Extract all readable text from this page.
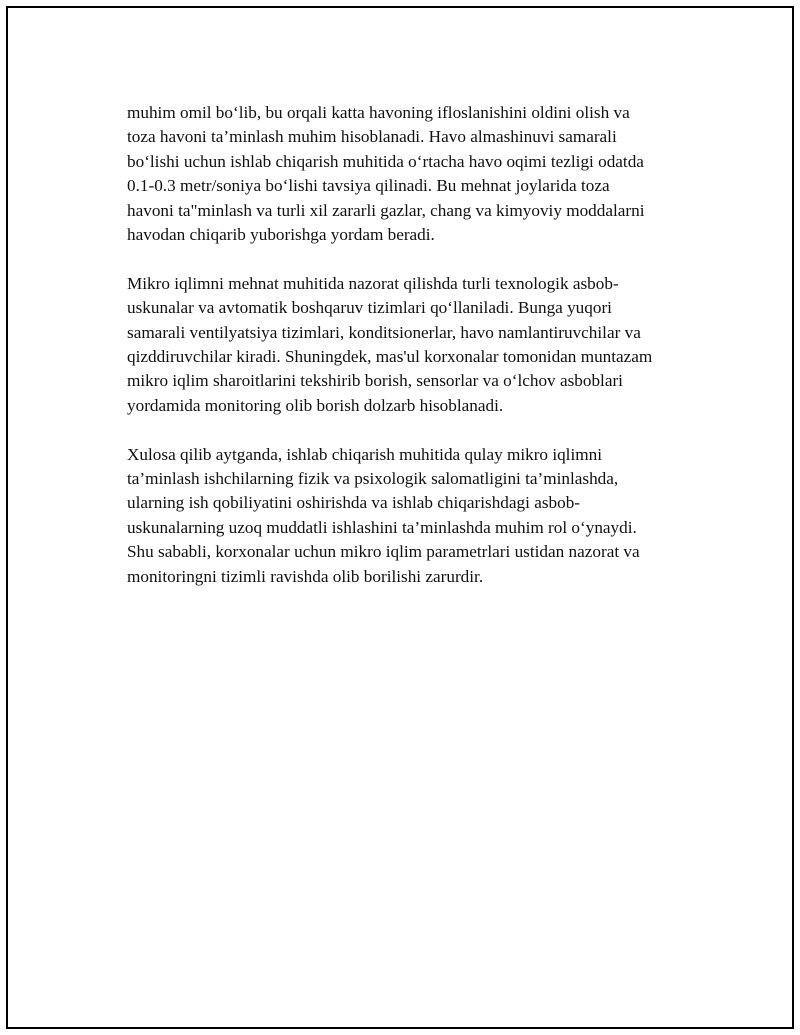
muhim omil bo‘lib, bu orqali katta havoning ifloslanishini oldini olish va
toza havoni ta’minlash muhim hisoblanadi. Havo almashinuvi samarali
bo‘lishi uchun ishlab chiqarish muhitida o‘rtacha havo oqimi tezligi odatda
0.1-0.3 metr/soniya bo‘lishi tavsiya qilinadi. Bu mehnat joylarida toza
havoni ta"minlash va turli xil zararli gazlar, chang va kimyoviy moddalarni
havodan chiqarib yuborishga yordam beradi.

Mikro iqlimni mehnat muhitida nazorat qilishda turli texnologik asbob-
uskunalar va avtomatik boshqaruv tizimlari qo‘llaniladi. Bunga yuqori
samarali ventilyatsiya tizimlari, konditsionerlar, havo namlantiruvchilar va
qizddiruvchilar kiradi. Shuningdek, mas'ul korxonalar tomonidan muntazam
mikro iqlim sharoitlarini tekshirib borish, sensorlar va o‘lchov asboblari
yordamida monitoring olib borish dolzarb hisoblanadi.

Xulosa qilib aytganda, ishlab chiqarish muhitida qulay mikro iqlimni
ta’minlash ishchilarning fizik va psixologik salomatligini ta’minlashda,
ularning ish qobiliyatini oshirishda va ishlab chiqarishdagi asbob-
uskunalarning uzoq muddatli ishlashini ta’minlashda muhim rol o‘ynaydi.
Shu sababli, korxonalar uchun mikro iqlim parametrlari ustidan nazorat va
monitoringni tizimli ravishda olib borilishi zarurdir.
